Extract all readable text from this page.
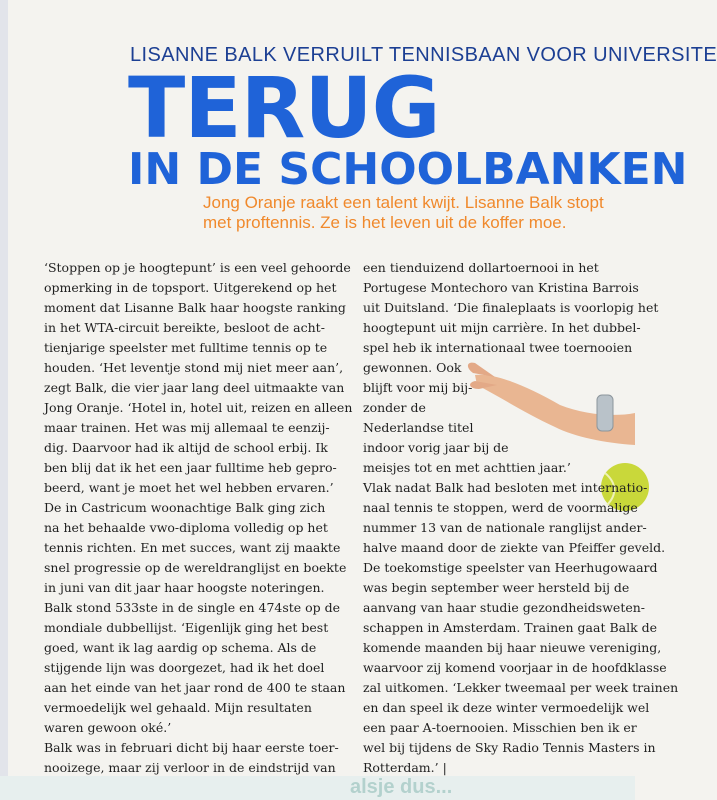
LISANNE BALK VERRUILT TENNISBAAN VOOR UNIVERSITE
TERUG
IN DE SCHOOLBANKEN
Jong Oranje raakt een talent kwijt. Lisanne Balk stopt
met proftennis. Ze is het leven uit de koffer moe.

‘Stoppen op je hoogtepunt’ is een veel gehoorde

opmerking in de topsport. Uitgerekend op het

moment dat Lisanne Balk haar hoogste ranking

in het WTA-circuit bereikte, besloot de acht-

tienjarige speelster met fulltime tennis op te

houden. ‘Het leventje stond mij niet meer aan’,

zegt Balk, die vier jaar lang deel uitmaakte van

Jong Oranje. ‘Hotel in, hotel uit, reizen en alleen

maar trainen. Het was mij allemaal te eenzij-

dig. Daarvoor had ik altijd de school erbij. Ik

ben blij dat ik het een jaar fulltime heb gepro-

beerd, want je moet het wel hebben ervaren.’

De in Castricum woonachtige Balk ging zich

na het behaalde vwo-diploma volledig op het

tennis richten. En met succes, want zij maakte

snel progressie op de wereldranglijst en boekte

in juni van dit jaar haar hoogste noteringen.

Balk stond 533ste in de single en 474ste op de

mondiale dubbellijst. ‘Eigenlijk ging het best

goed, want ik lag aardig op schema. Als de

stijgende lijn was doorgezet, had ik het doel

aan het einde van het jaar rond de 400 te staan

vermoedelijk wel gehaald. Mijn resultaten

waren gewoon oké.’

Balk was in februari dicht bij haar eerste toer-

nooizege, maar zij verloor in de eindstrijd van

een tienduizend dollartoernooi in het

Portugese Montechoro van Kristina Barrois

uit Duitsland. ‘Die finaleplaats is voorlopig het

hoogtepunt uit mijn carrière. In het dubbel-

spel heb ik internationaal twee toernooien

gewonnen. Ook

blijft voor mij bij-

zonder de

Nederlandse titel

indoor vorig jaar bij de

meisjes tot en met achttien jaar.’

Vlak nadat Balk had besloten met internatio-

naal tennis te stoppen, werd de voormalige

nummer 13 van de nationale ranglijst ander-

halve maand door de ziekte van Pfeiffer geveld.

De toekomstige speelster van Heerhugowaard

was begin september weer hersteld bij de

aanvang van haar studie gezondheidsweten-

schappen in Amsterdam. Trainen gaat Balk de

komende maanden bij haar nieuwe vereniging,

waarvoor zij komend voorjaar in de hoofdklasse

zal uitkomen. ‘Lekker tweemaal per week trainen

en dan speel ik deze winter vermoedelijk wel

een paar A-toernooien. Misschien ben ik er

wel bij tijdens de Sky Radio Tennis Masters in

Rotterdam.’ |

alsje dus...
